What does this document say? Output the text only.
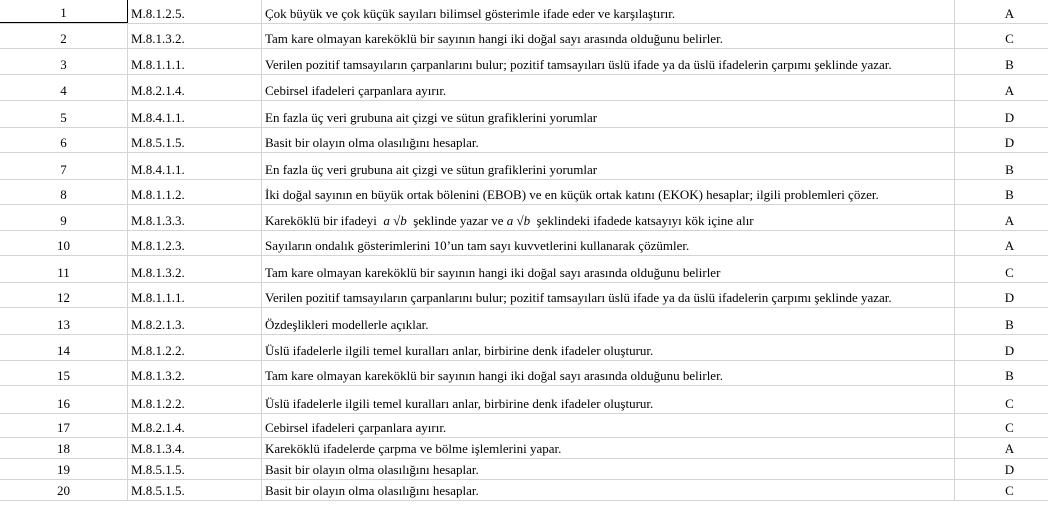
1	M.8.1.2.5.	Çok büyük ve çok küçük sayıları bilimsel gösterimle ifade eder ve karşılaştırır.	A
2	M.8.1.3.2.	Tam kare olmayan kareköklü bir sayının hangi iki doğal sayı arasında olduğunu belirler.	C
3	M.8.1.1.1.	Verilen pozitif tamsayıların çarpanlarını bulur; pozitif tamsayıları üslü ifade ya da üslü ifadelerin çarpımı şeklinde yazar.	B
4	M.8.2.1.4.	Cebirsel ifadeleri çarpanlara ayırır.	A
5	M.8.4.1.1.	En fazla üç veri grubuna ait çizgi ve sütun grafiklerini yorumlar	D
6	M.8.5.1.5.	Basit bir olayın olma olasılığını hesaplar.	D
7	M.8.4.1.1.	En fazla üç veri grubuna ait çizgi ve sütun grafiklerini yorumlar	B
8	M.8.1.1.2.	İki doğal sayının en büyük ortak bölenini (EBOB) ve en küçük ortak katını (EKOK) hesaplar; ilgili problemleri çözer.	B
9	M.8.1.3.3.	Kareköklü bir ifadeyi
a √b
şeklinde yazar ve
a √b
şeklindeki ifadede katsayıyı kök içine alır	A
10	M.8.1.2.3.	Sayıların ondalık gösterimlerini 10’un tam sayı kuvvetlerini kullanarak çözümler.	A
11	M.8.1.3.2.	Tam kare olmayan kareköklü bir sayının hangi iki doğal sayı arasında olduğunu belirler	C
12	M.8.1.1.1.	Verilen pozitif tamsayıların çarpanlarını bulur; pozitif tamsayıları üslü ifade ya da üslü ifadelerin çarpımı şeklinde yazar.	D
13	M.8.2.1.3.	Özdeşlikleri modellerle açıklar.	B
14	M.8.1.2.2.	Üslü ifadelerle ilgili temel kuralları anlar, birbirine denk ifadeler oluşturur.	D
15	M.8.1.3.2.	Tam kare olmayan kareköklü bir sayının hangi iki doğal sayı arasında olduğunu belirler.	B
16	M.8.1.2.2.	Üslü ifadelerle ilgili temel kuralları anlar, birbirine denk ifadeler oluşturur.	C
17	M.8.2.1.4.	Cebirsel ifadeleri çarpanlara ayırır.	C
18	M.8.1.3.4.	Kareköklü ifadelerde çarpma ve bölme işlemlerini yapar.	A
19	M.8.5.1.5.	Basit bir olayın olma olasılığını hesaplar.	D
20	M.8.5.1.5.	Basit bir olayın olma olasılığını hesaplar.	C
